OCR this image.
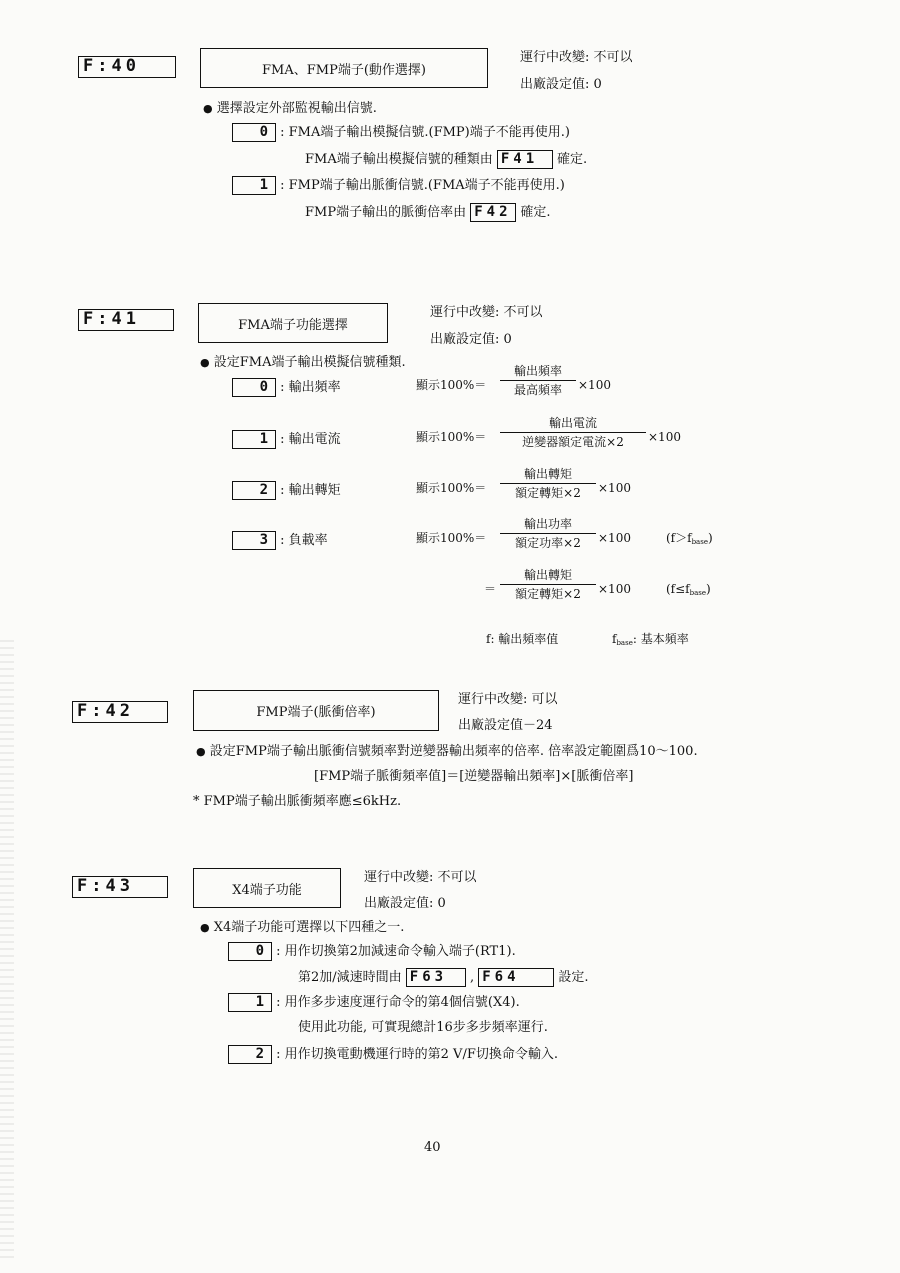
F:40	FMA、FMP端子(動作選擇)
運行中改變: 不可以
出廠設定值: 0
● 選擇設定外部監視輸出信號.
0 : FMA端子輸出模擬信號.(FMP)端子不能再使用.)
FMA端子輸出模擬信號的種類由 F41 確定.
1 : FMP端子輸出脈衝信號.(FMA端子不能再使用.)
FMP端子輸出的脈衝倍率由 F42 確定.
F:41	FMA端子功能選擇
運行中改變: 不可以
出廠設定值: 0
● 設定FMA端子輸出模擬信號種類.
0 : 輸出頻率	顯示100%＝
輸出頻率
最高頻率	×100
1 : 輸出電流	顯示100%＝
輸出電流
逆變器額定電流×2	×100
2 : 輸出轉矩	顯示100%＝
輸出轉矩
額定轉矩×2	×100
3 : 負載率	顯示100%＝
輸出功率
額定功率×2	×100	$(f>f_{base})$
＝
輸出轉矩
額定轉矩×2	×100	$(f\le f_{base})$
f: 輸出頻率值	$f_{base}$: 基本頻率
F:42	FMP端子(脈衝倍率)
運行中改變: 可以
出廠設定值－24
● 設定FMP端子輸出脈衝信號頻率對逆變器輸出頻率的倍率. 倍率設定範圍爲10～100.
[FMP端子脈衝頻率值]＝[逆變器輸出頻率]×[脈衝倍率]
* FMP端子輸出脈衝頻率應≤6kHz.
F:43	X4端子功能
運行中改變: 不可以
出廠設定值: 0
● X4端子功能可選擇以下四種之一.
0 : 用作切換第2加減速命令輸入端子(RT1).
第2加/減速時間由 F63 , F64	設定.
1 : 用作多步速度運行命令的第4個信號(X4).
使用此功能, 可實現總計16步多步頻率運行.
2 : 用作切換電動機運行時的第2 V/F切換命令輸入.
40
